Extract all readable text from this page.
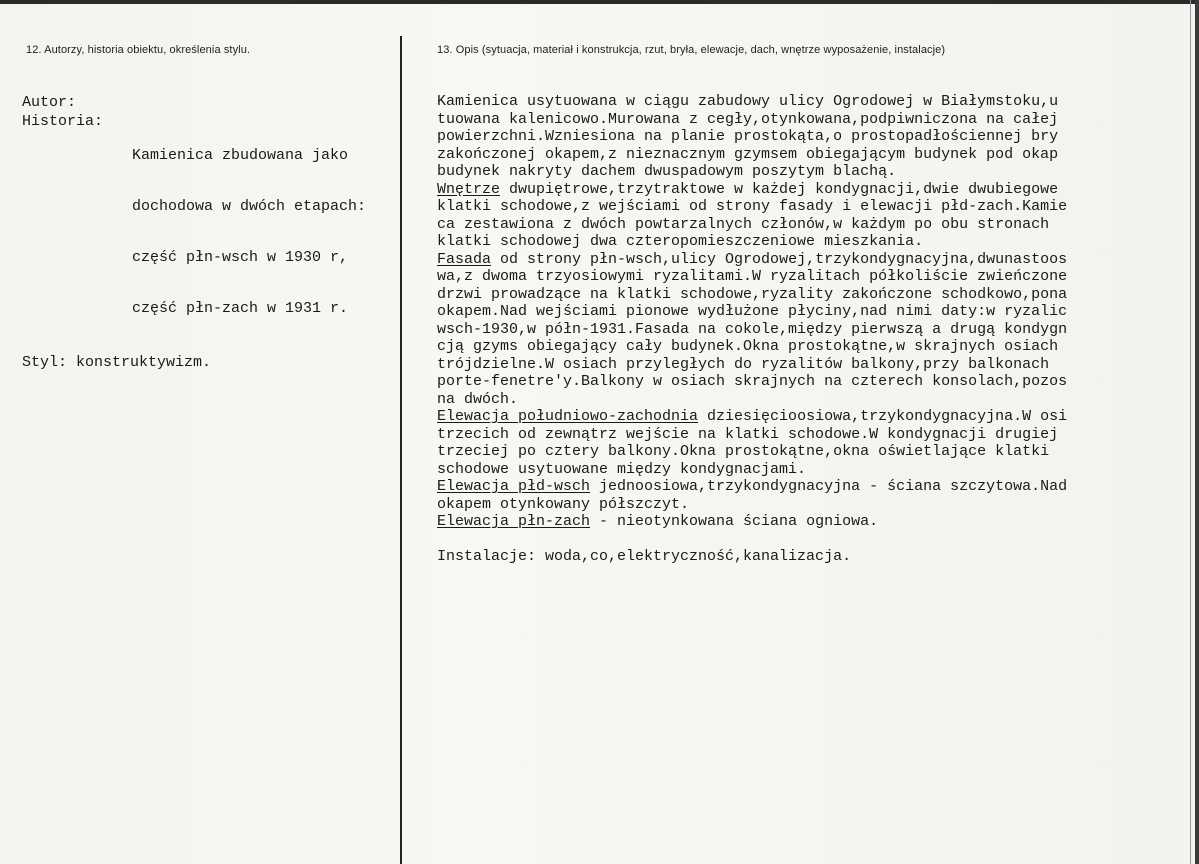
12. Autorzy, historia obiektu, określenia stylu.	13. Opis (sytuacja, materiał i konstrukcja, rzut, bryła, elewacje, dach, wnętrze wyposażenie, instalacje)
Autor:
Historia:

Kamienica zbudowana jako

dochodowa w dwóch etapach:

część płn-wsch w 1930 r,

część płn-zach w 1931 r.

Styl:
konstruktywizm.
Kamienica usytuowana w ciągu zabudowy ulicy Ogrodowej w Białymstoku,u
tuowana kalenicowo.Murowana z cegły,otynkowana,podpiwniczona na całej
powierzchni.Wzniesiona na planie prostokąta,o prostopadłościennej bry
zakończonej okapem,z nieznacznym gzymsem obiegającym budynek pod okap
budynek nakryty dachem dwuspadowym poszytym blachą.
Wnętrze dwupiętrowe,trzytraktowe w każdej kondygnacji,dwie dwubiegowe
klatki schodowe,z wejściami od strony fasady i elewacji płd-zach.Kamie
ca zestawiona z dwóch powtarzalnych członów,w każdym po obu stronach
klatki schodowej dwa czteropomieszczeniowe mieszkania.
Fasada od strony płn-wsch,ulicy Ogrodowej,trzykondygnacyjna,dwunastoos
wa,z dwoma trzyosiowymi ryzalitami.W ryzalitach półkoliście zwieńczone
drzwi prowadzące na klatki schodowe,ryzality zakończone schodkowo,pona
okapem.Nad wejściami pionowe wydłużone płyciny,nad nimi daty:w ryzalic
wsch-1930,w półn-1931.Fasada na cokole,między pierwszą a drugą kondygn
cją gzyms obiegający cały budynek.Okna prostokątne,w skrajnych osiach
trójdzielne.W osiach przyległych do ryzalitów balkony,przy balkonach
porte-fenetre'y.Balkony w osiach skrajnych na czterech konsolach,pozos
na dwóch.
Elewacja południowo-zachodnia dziesięcioosiowa,trzykondygnacyjna.W osi
trzecich od zewnątrz wejście na klatki schodowe.W kondygnacji drugiej
trzeciej po cztery balkony.Okna prostokątne,okna oświetlające klatki
schodowe usytuowane między kondygnacjami.
Elewacja płd-wsch jednoosiowa,trzykondygnacyjna - ściana szczytowa.Nad
okapem otynkowany półszczyt.
Elewacja płn-zach - nieotynkowana ściana ogniowa.
Instalacje: woda,co,elektryczność,kanalizacja.
